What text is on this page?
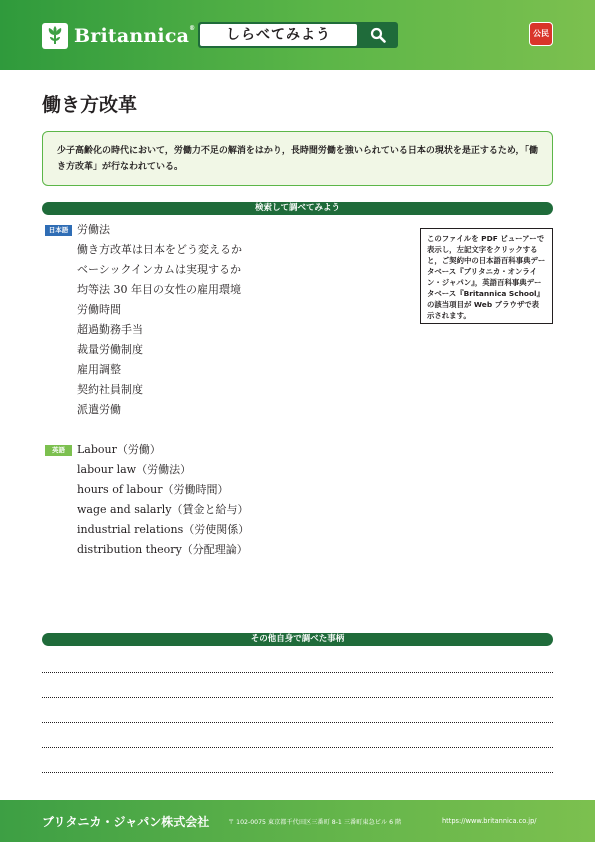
Britannica®	しらべてみよう	公民
働き方改革

少子高齢化の時代において，労働力不足の解消をはかり，長時間労働を強いられている日本の現状を是正するため，「働き方改革」が行なわれている。

検索して調べてみよう
日本語 労働法
働き方改革は日本をどう変えるか
ベーシックインカムは実現するか
均等法 30 年目の女性の雇用環境
労働時間
超過勤務手当
裁量労働制度
雇用調整
契約社員制度
派遣労働
このファイルを PDF ビューアーで表示し，左記文字をクリックすると，ご契約中の日本語百科事典データベース『ブリタニカ・オンライン・ジャパン』，英語百科事典データベース『Britannica School』の該当項目が Web ブラウザで表示されます。
英語	Labour（労働）
labour law（労働法）
hours of labour（労働時間）
wage and salarly（賃金と給与）
industrial relations（労使関係）
distribution theory（分配理論）
その他自身で調べた事柄
ブリタニカ・ジャパン株式会社	〒 102-0075 東京都千代田区三番町 8-1 三番町東急ビル 6 階	https://www.britannica.co.jp/
